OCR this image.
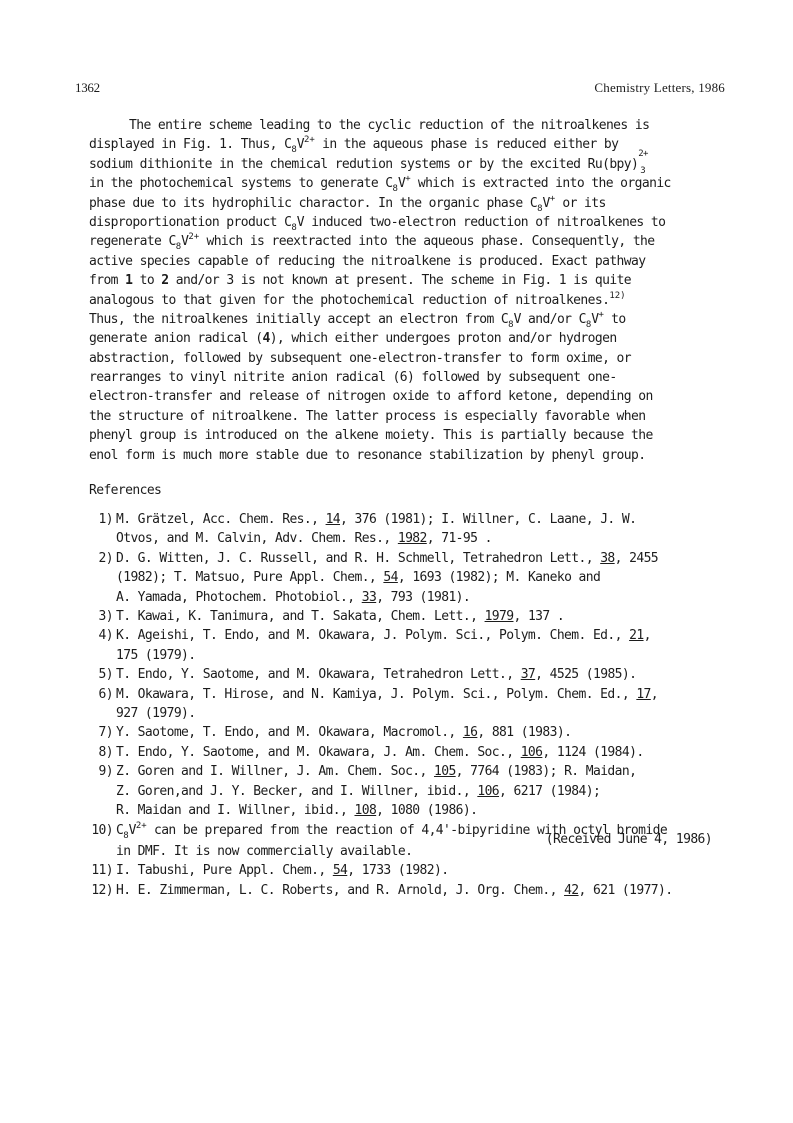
1362	Chemistry Letters, 1986
The entire scheme leading to the cyclic reduction of the nitroalkenes is
displayed in Fig. 1. Thus, $C_8V^{2+}$ in the aqueous phase is reduced either by
sodium dithionite in the chemical redution systems or by the excited Ru(bpy)
2+
3
in the photochemical systems to generate $C_8V^+$ which is extracted into the organic
phase due to its hydrophilic charactor. In the organic phase $C_8V^+$ or its
disproportionation product $C_8V$ induced two-electron reduction of nitroalkenes to
regenerate $C_8V^{2+}$ which is reextracted into the aqueous phase. Consequently, the
active species capable of reducing the nitroalkene is produced. Exact pathway
from 1 to 2 and/or 3 is not known at present. The scheme in Fig. 1 is quite
analogous to that given for the photochemical reduction of nitroalkenes.$^{12)}$
Thus, the nitroalkenes initially accept an electron from $C_8V$ and/or $C_8V^+$ to
generate anion radical (4), which either undergoes proton and/or hydrogen
abstraction, followed by subsequent one-electron-transfer to form oxime, or
rearranges to vinyl nitrite anion radical (6) followed by subsequent one-
electron-transfer and release of nitrogen oxide to afford ketone, depending on
the structure of nitroalkene. The latter process is especially favorable when
phenyl group is introduced on the alkene moiety. This is partially because the
enol form is much more stable due to resonance stabilization by phenyl group.
References
1) M. Grätzel, Acc. Chem. Res., 14, 376 (1981); I. Willner, C. Laane, J. W.
Otvos, and M. Calvin, Adv. Chem. Res., 1982, 71-95 .
2) D. G. Witten, J. C. Russell, and R. H. Schmell, Tetrahedron Lett., 38, 2455
(1982); T. Matsuo, Pure Appl. Chem., 54, 1693 (1982); M. Kaneko and
A. Yamada, Photochem. Photobiol., 33, 793 (1981).
3) T. Kawai, K. Tanimura, and T. Sakata, Chem. Lett., 1979, 137 .
4) K. Ageishi, T. Endo, and M. Okawara, J. Polym. Sci., Polym. Chem. Ed., 21,
175 (1979).
5) T. Endo, Y. Saotome, and M. Okawara, Tetrahedron Lett., 37, 4525 (1985).
6) M. Okawara, T. Hirose, and N. Kamiya, J. Polym. Sci., Polym. Chem. Ed., 17,
927 (1979).
7) Y. Saotome, T. Endo, and M. Okawara, Macromol., 16, 881 (1983).
8) T. Endo, Y. Saotome, and M. Okawara, J. Am. Chem. Soc., 106, 1124 (1984).
9) Z. Goren and I. Willner, J. Am. Chem. Soc., 105, 7764 (1983); R. Maidan,
Z. Goren,and J. Y. Becker, and I. Willner, ibid., 106, 6217 (1984);
R. Maidan and I. Willner, ibid., 108, 1080 (1986).
10) $C_8V^{2+}$ can be prepared from the reaction of 4,4'-bipyridine with octyl bromide
in DMF. It is now commercially available.
11) I. Tabushi, Pure Appl. Chem., 54, 1733 (1982).
12) H. E. Zimmerman, L. C. Roberts, and R. Arnold, J. Org. Chem., 42, 621 (1977).
(Received June 4, 1986)
